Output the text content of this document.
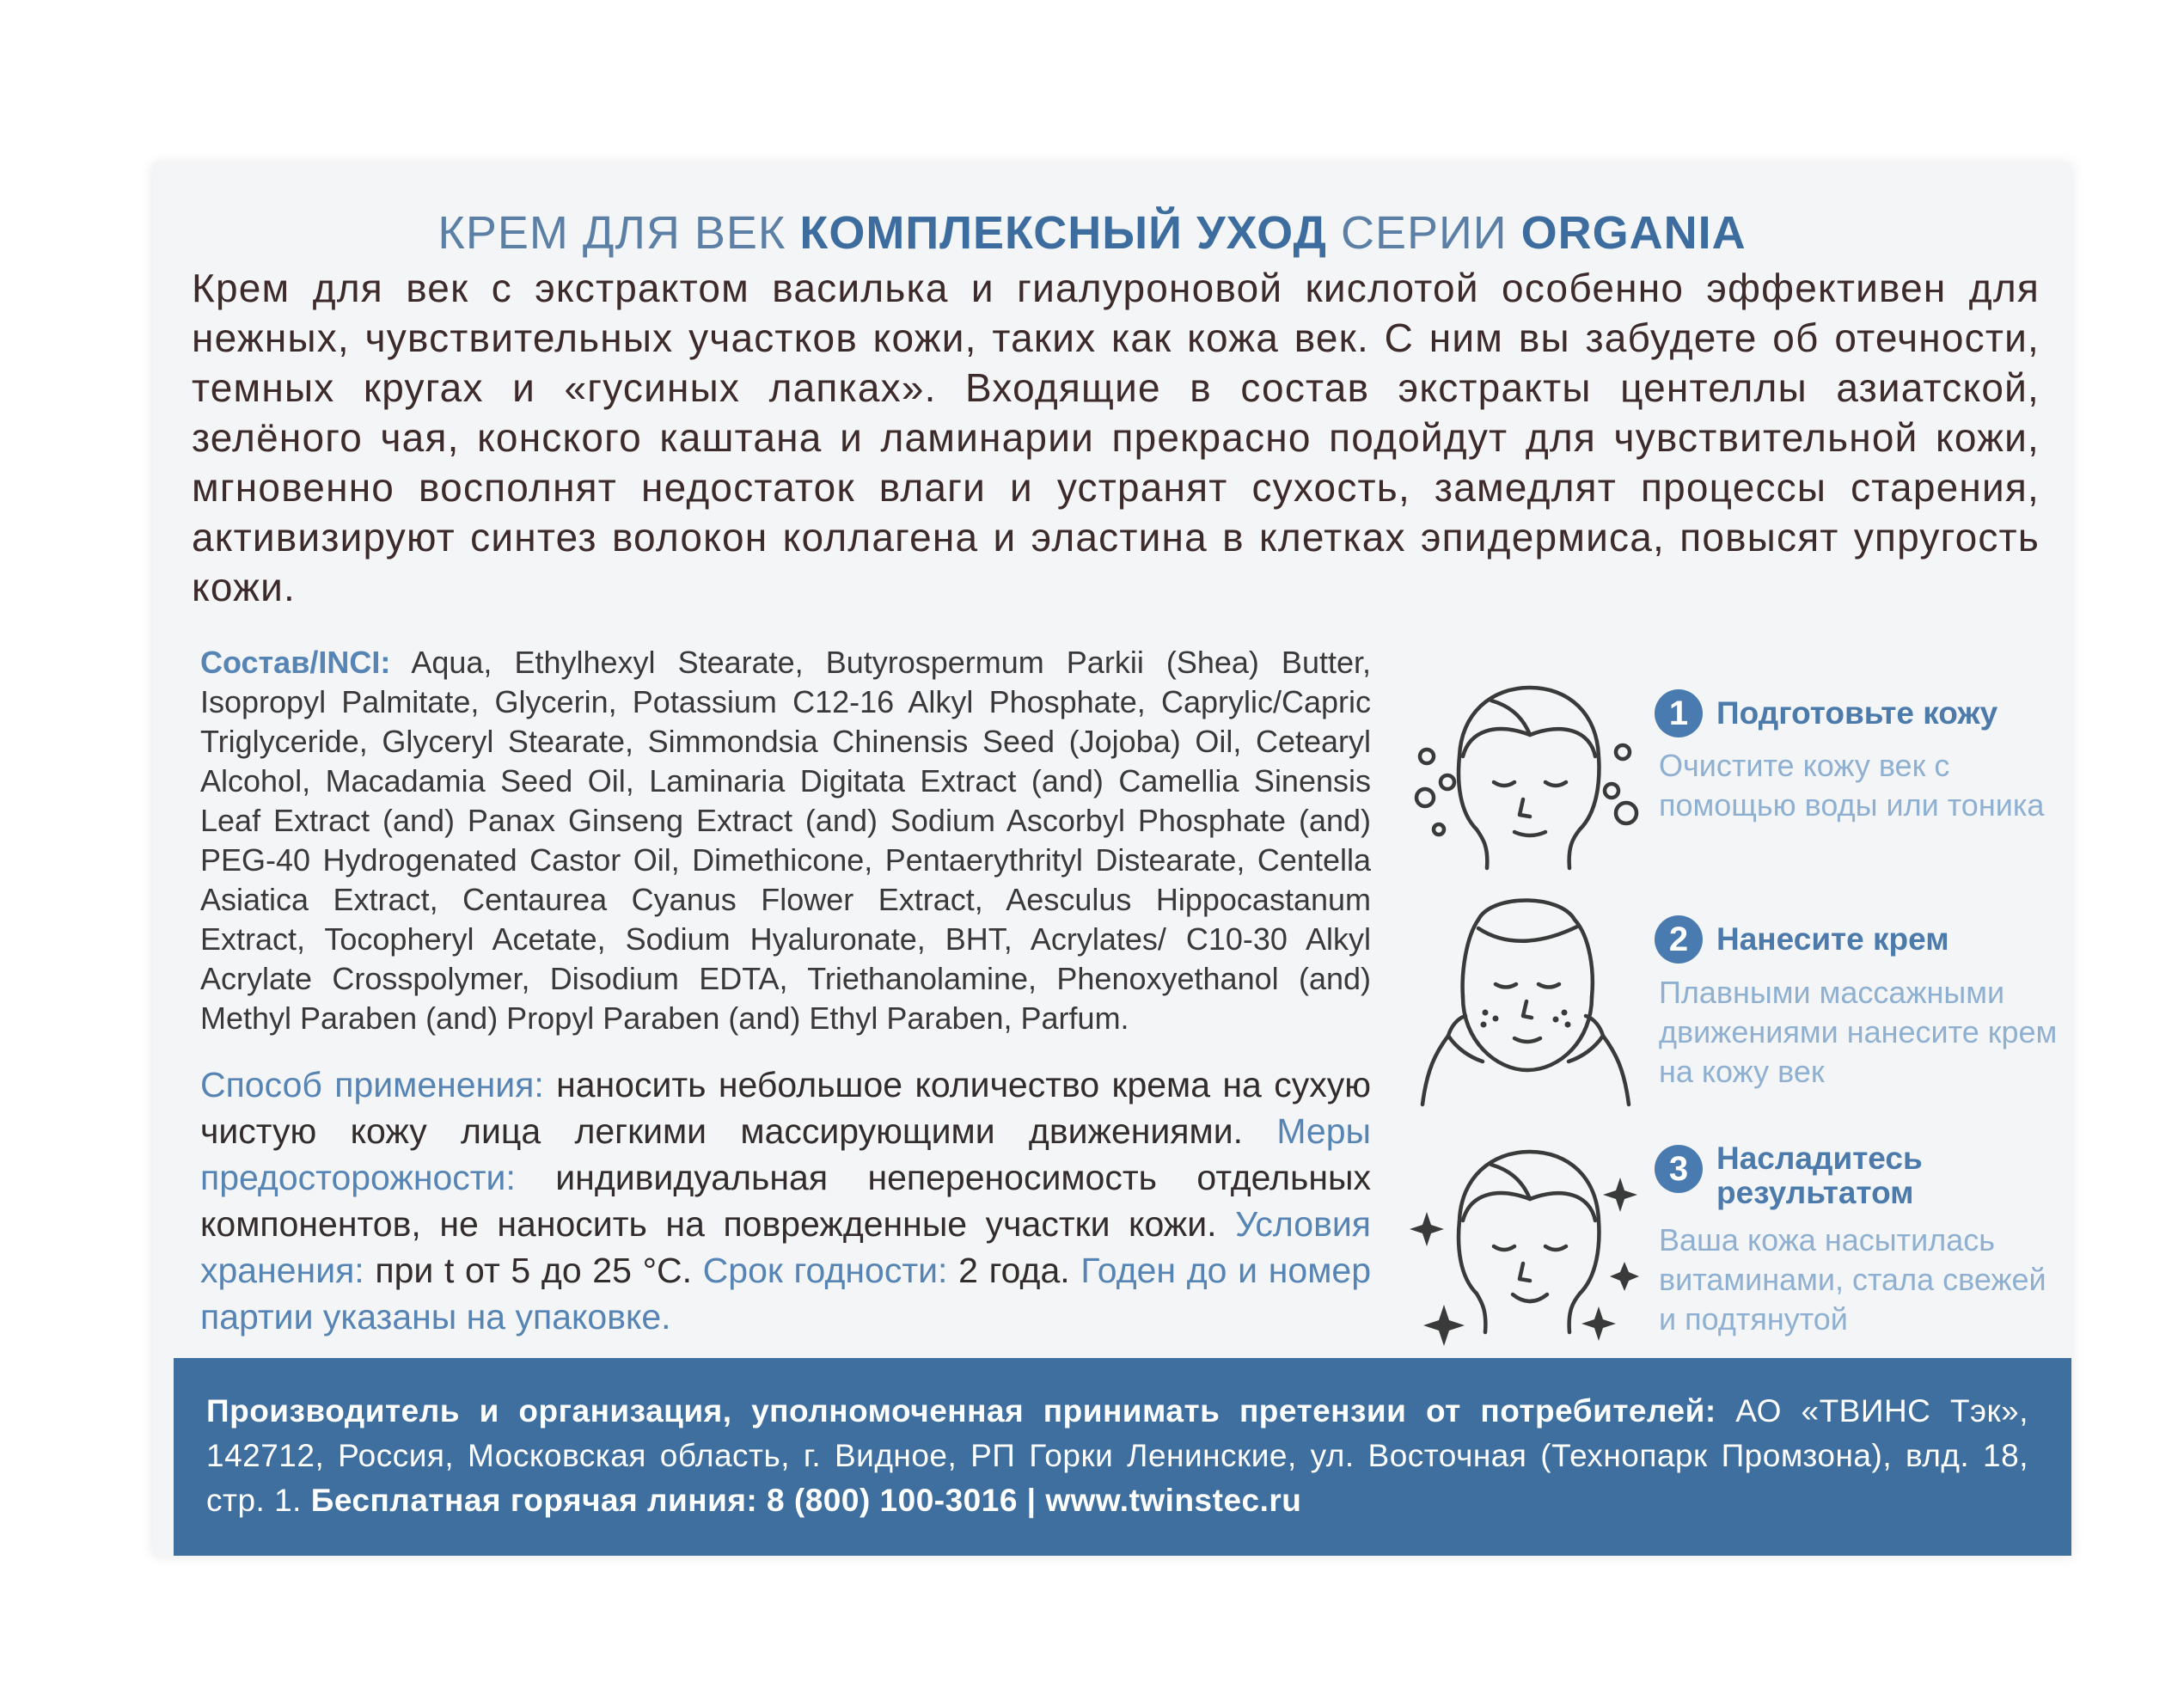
КРЕМ ДЛЯ ВЕК КОМПЛЕКСНЫЙ УХОД СЕРИИ ORGANIA
Крем для век с экстрактом василька и гиалуроновой кислотой особенно эффективен для нежных, чувствительных участков кожи, таких как кожа век. С ним вы забудете об отечности, темных кругах и «гусиных лапках». Входящие в состав экстракты центеллы азиатской, зелёного чая, конского каштана и ламинарии прекрасно подойдут для чувствительной кожи, мгновенно восполнят недостаток влаги и устранят сухость, замедлят процессы старения, активизируют синтез волокон коллагена и эластина в клетках эпидермиса, повысят упругость кожи.
Состав/INCI: Aqua, Ethylhexyl Stearate, Butyrospermum Parkii (Shea) Butter, Isopropyl Palmitate, Glycerin, Potassium C12-16 Alkyl Phosphate, Caprylic/Capric Triglyceride, Glyceryl Stearate, Simmondsia Chinensis Seed (Jojoba) Oil, Cetearyl Alcohol, Macadamia Seed Oil, Laminaria Digitata Extract (and) Camellia Sinensis Leaf Extract (and) Panax Ginseng Extract (and) Sodium Ascorbyl Phosphate (and) PEG-40 Hydrogenated Castor Oil, Dimethicone, Pentaerythrityl Distearate, Centella Asiatica Extract, Centaurea Cyanus Flower Extract, Aesculus Hippocastanum Extract, Tocopheryl Acetate, Sodium Hyaluronate, BHT, Acrylates/ C10-30 Alkyl Acrylate Crosspolymer, Disodium EDTA, Triethanolamine, Phenoxyethanol (and) Methyl Paraben (and) Propyl Paraben (and) Ethyl Paraben, Parfum.
Способ применения: наносить небольшое количество крема на сухую чистую кожу лица легкими массирующими движениями. Меры предосторожности: индивидуальная непереносимость отдельных компонентов, не наносить на поврежденные участки кожи. Условия хранения: при t от 5 до 25 °С. Срок годности: 2 года. Годен до и номер партии указаны на упаковке.
1 Подготовьте кожу
Очистите кожу век с помощью воды или тоника
2 Нанесите крем
Плавными массажными движениями нанесите крем на кожу век
3 Насладитесь результатом
Ваша кожа насытилась витаминами, стала свежей и подтянутой
Производитель и организация, уполномоченная принимать претензии от потребителей: АО «ТВИНС Тэк», 142712, Россия, Московская область, г. Видное, РП Горки Ленинские, ул. Восточная (Технопарк Промзона), влд. 18, стр. 1. Бесплатная горячая линия: 8 (800) 100-3016 | www.twinstec.ru
